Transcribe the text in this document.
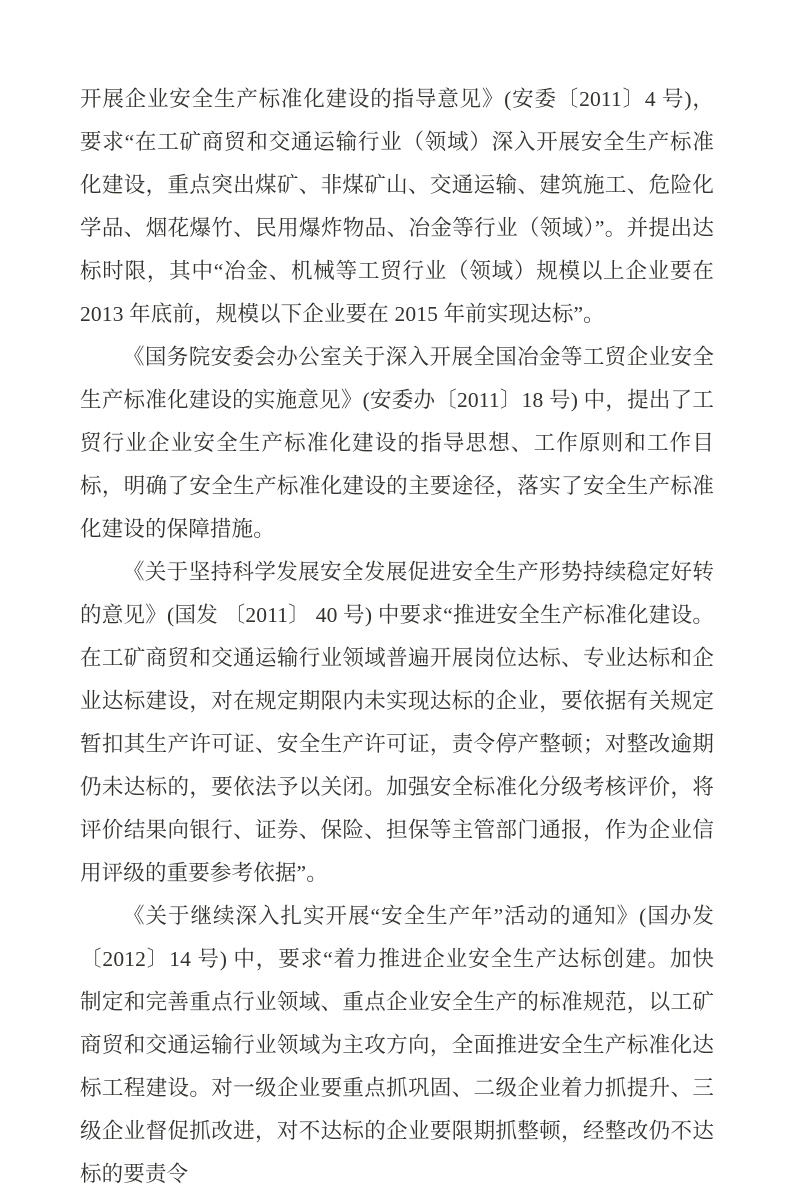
开展企业安全生产标准化建设的指导意见》(安委〔2011〕4 号)，要求“在工矿商贸和交通运输行业（领域）深入开展安全生产标准化建设，重点突出煤矿、非煤矿山、交通运输、建筑施工、危险化学品、烟花爆竹、民用爆炸物品、冶金等行业（领域）”。并提出达标时限，其中“冶金、机械等工贸行业（领域）规模以上企业要在 2013 年底前，规模以下企业要在 2015 年前实现达标”。

《国务院安委会办公室关于深入开展全国冶金等工贸企业安全生产标准化建设的实施意见》(安委办〔2011〕18 号) 中，提出了工贸行业企业安全生产标准化建设的指导思想、工作原则和工作目标，明确了安全生产标准化建设的主要途径，落实了安全生产标准化建设的保障措施。

《关于坚持科学发展安全发展促进安全生产形势持续稳定好转的意见》(国发 〔2011〕 40 号) 中要求“推进安全生产标准化建设。在工矿商贸和交通运输行业领域普遍开展岗位达标、专业达标和企业达标建设，对在规定期限内未实现达标的企业，要依据有关规定暂扣其生产许可证、安全生产许可证，责令停产整顿；对整改逾期仍未达标的，要依法予以关闭。加强安全标准化分级考核评价，将评价结果向银行、证券、保险、担保等主管部门通报，作为企业信用评级的重要参考依据”。

《关于继续深入扎实开展“安全生产年”活动的通知》(国办发〔2012〕14 号) 中，要求“着力推进企业安全生产达标创建。加快制定和完善重点行业领域、重点企业安全生产的标准规范，以工矿商贸和交通运输行业领域为主攻方向，全面推进安全生产标准化达标工程建设。对一级企业要重点抓巩固、二级企业着力抓提升、三级企业督促抓改进，对不达标的企业要限期抓整顿，经整改仍不达标的要责令
